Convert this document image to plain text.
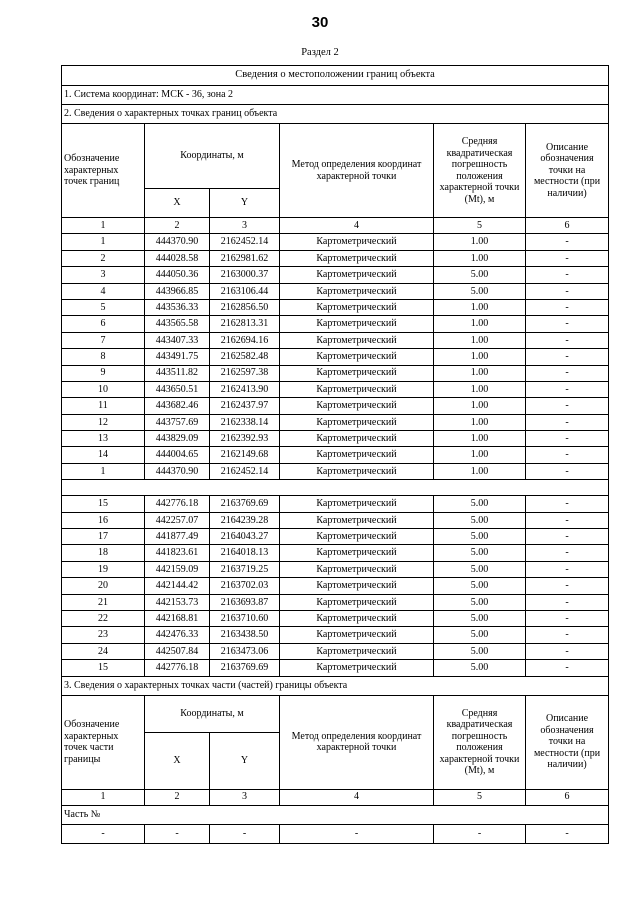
30
Раздел 2
Сведения о местоположении границ объекта					
1. Система координат: МСК - 36, зона 2					
2. Сведения о характерных точках границ объекта					
Обозначение характерных точек границ	Координаты, м		Метод определения координат характерной точки	Средняя квадратическая погрешность положения характерной точки (Mt), м	Описание обозначения точки на местности (при наличии)
	X	Y			
1	2	3	4	5	6
1	444370.90	2162452.14	Картометрический	1.00	-
2	444028.58	2162981.62	Картометрический	1.00	-
3	444050.36	2163000.37	Картометрический	5.00	-
4	443966.85	2163106.44	Картометрический	5.00	-
5	443536.33	2162856.50	Картометрический	1.00	-
6	443565.58	2162813.31	Картометрический	1.00	-
7	443407.33	2162694.16	Картометрический	1.00	-
8	443491.75	2162582.48	Картометрический	1.00	-
9	443511.82	2162597.38	Картометрический	1.00	-
10	443650.51	2162413.90	Картометрический	1.00	-
11	443682.46	2162437.97	Картометрический	1.00	-
12	443757.69	2162338.14	Картометрический	1.00	-
13	443829.09	2162392.93	Картометрический	1.00	-
14	444004.65	2162149.68	Картометрический	1.00	-
1	444370.90	2162452.14	Картометрический	1.00	-

15	442776.18	2163769.69	Картометрический	5.00	-
16	442257.07	2164239.28	Картометрический	5.00	-
17	441877.49	2164043.27	Картометрический	5.00	-
18	441823.61	2164018.13	Картометрический	5.00	-
19	442159.09	2163719.25	Картометрический	5.00	-
20	442144.42	2163702.03	Картометрический	5.00	-
21	442153.73	2163693.87	Картометрический	5.00	-
22	442168.81	2163710.60	Картометрический	5.00	-
23	442476.33	2163438.50	Картометрический	5.00	-
24	442507.84	2163473.06	Картометрический	5.00	-
15	442776.18	2163769.69	Картометрический	5.00	-
3. Сведения о характерных точках части (частей) границы объекта					
Обозначение характерных точек части границы	Координаты, м		Метод определения координат характерной точки	Средняя квадратическая погрешность положения характерной точки (Mt), м	Описание обозначения точки на местности (при наличии)
	X	Y			
1	2	3	4	5	6
Часть №					
-	-	-	-	-	-
